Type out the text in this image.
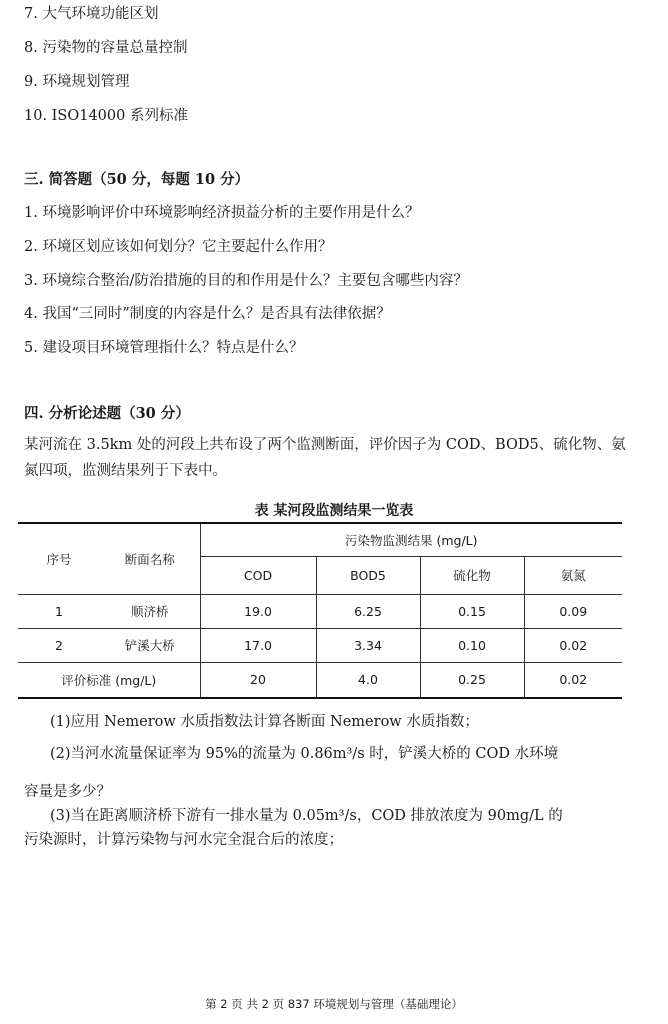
7. 大气环境功能区划
8. 污染物的容量总量控制
9. 环境规划管理
10. ISO14000 系列标准
三. 简答题（50 分，每题 10 分）
1. 环境影响评价中环境影响经济损益分析的主要作用是什么？
2. 环境区划应该如何划分？它主要起什么作用？
3. 环境综合整治/防治措施的目的和作用是什么？主要包含哪些内容？
4. 我国“三同时”制度的内容是什么？是否具有法律依据？
5. 建设项目环境管理指什么？特点是什么？
四. 分析论述题（30 分）
某河流在 3.5km 处的河段上共布设了两个监测断面，评价因子为 COD、BOD5、硫化物、氨氮四项，监测结果列于下表中。
表 某河段监测结果一览表
序号	断面名称	污染物监测结果 (mg/L)			
		COD	BOD5	硫化物	氨氮
1	顺济桥	19.0	6.25	0.15	0.09
2	铲溪大桥	17.0	3.34	0.10	0.02
评价标准 (mg/L)		20	4.0	0.25	0.02
(1)应用 Nemerow 水质指数法计算各断面 Nemerow 水质指数；
(2)当河水流量保证率为 95%的流量为 0.86m³/s 时，铲溪大桥的 COD 水环境
容量是多少？
(3)当在距离顺济桥下游有一排水量为 0.05m³/s，COD 排放浓度为 90mg/L 的
污染源时，计算污染物与河水完全混合后的浓度；
第 2 页 共 2 页 837 环境规划与管理（基础理论）
